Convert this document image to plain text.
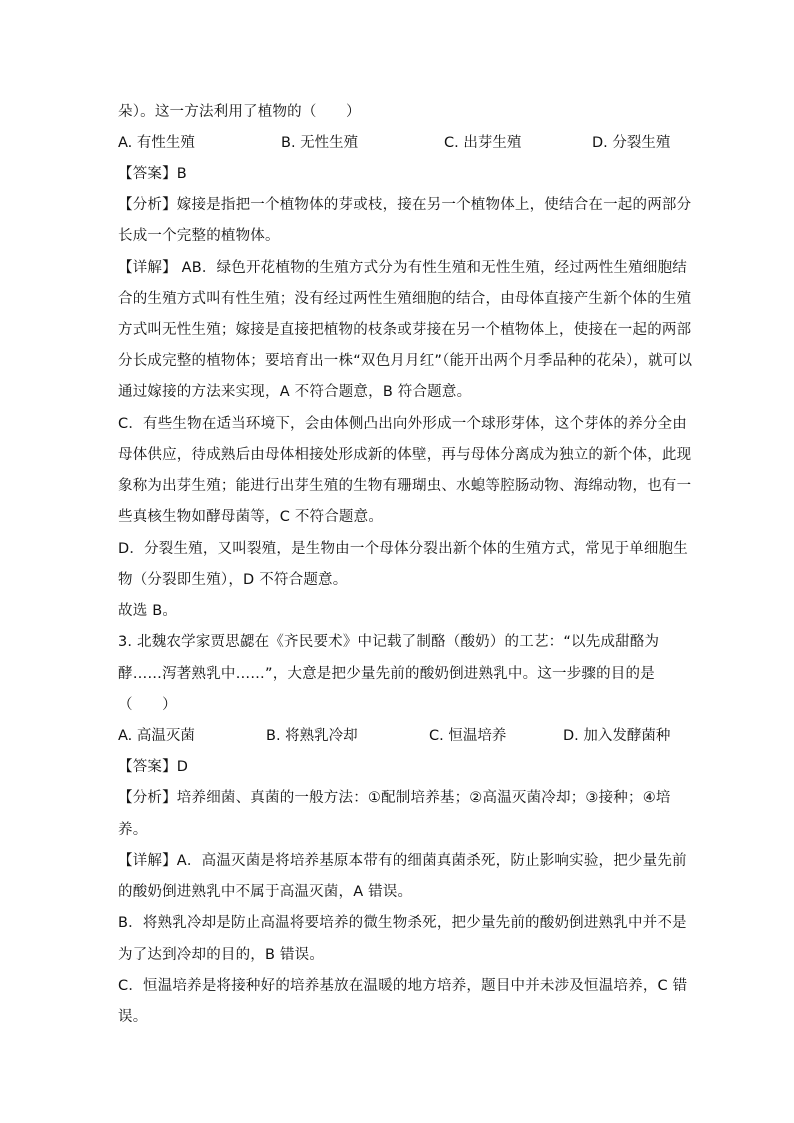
朵）。这一方法利用了植物的（　　）
A. 有性生殖	B. 无性生殖	C. 出芽生殖	D. 分裂生殖
【答案】B
【分析】嫁接是指把一个植物体的芽或枝，接在另一个植物体上，使结合在一起的两部分
长成一个完整的植物体。
【详解】 AB．绿色开花植物的生殖方式分为有性生殖和无性生殖，经过两性生殖细胞结
合的生殖方式叫有性生殖；没有经过两性生殖细胞的结合，由母体直接产生新个体的生殖
方式叫无性生殖；嫁接是直接把植物的枝条或芽接在另一个植物体上，使接在一起的两部
分长成完整的植物体；要培育出一株“双色月月红”（能开出两个月季品种的花朵），就可以
通过嫁接的方法来实现，A 不符合题意，B 符合题意。
C．有些生物在适当环境下，会由体侧凸出向外形成一个球形芽体，这个芽体的养分全由
母体供应，待成熟后由母体相接处形成新的体壁，再与母体分离成为独立的新个体，此现
象称为出芽生殖；能进行出芽生殖的生物有珊瑚虫、水螅等腔肠动物、海绵动物，也有一
些真核生物如酵母菌等，C 不符合题意。
D．分裂生殖，又叫裂殖，是生物由一个母体分裂出新个体的生殖方式，常见于单细胞生
物（分裂即生殖），D 不符合题意。
故选 B。
3. 北魏农学家贾思勰在《齐民要术》中记载了制酪（酸奶）的工艺：“以先成甜酪为
酵……泻著熟乳中……”，大意是把少量先前的酸奶倒进熟乳中。这一步骤的目的是
（　　）
A. 高温灭菌	B. 将熟乳冷却	C. 恒温培养	D. 加入发酵菌种
【答案】D
【分析】培养细菌、真菌的一般方法：①配制培养基；②高温灭菌冷却；③接种；④培
养。
【详解】A．高温灭菌是将培养基原本带有的细菌真菌杀死，防止影响实验，把少量先前
的酸奶倒进熟乳中不属于高温灭菌，A 错误。
B．将熟乳冷却是防止高温将要培养的微生物杀死，把少量先前的酸奶倒进熟乳中并不是
为了达到冷却的目的，B 错误。
C．恒温培养是将接种好的培养基放在温暖的地方培养，题目中并未涉及恒温培养，C 错
误。
